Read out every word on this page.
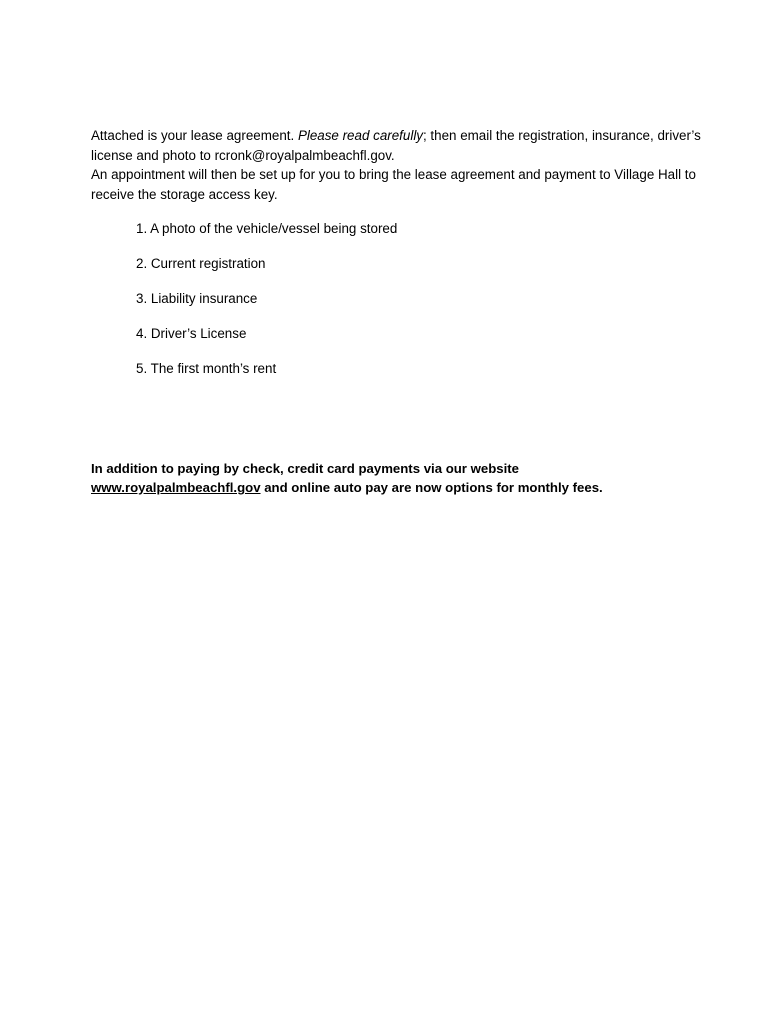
Attached is your lease agreement. Please read carefully; then email the registration, insurance, driver’s license and photo to rcronk@royalpalmbeachfl.gov.

An appointment will then be set up for you to bring the lease agreement and payment to Village Hall to receive the storage access key.

1. A photo of the vehicle/vessel being stored
2. Current registration
3. Liability insurance
4. Driver’s License
5. The first month’s rent

In addition to paying by check, credit card payments via our website www.royalpalmbeachfl.gov and online auto pay are now options for monthly fees.
